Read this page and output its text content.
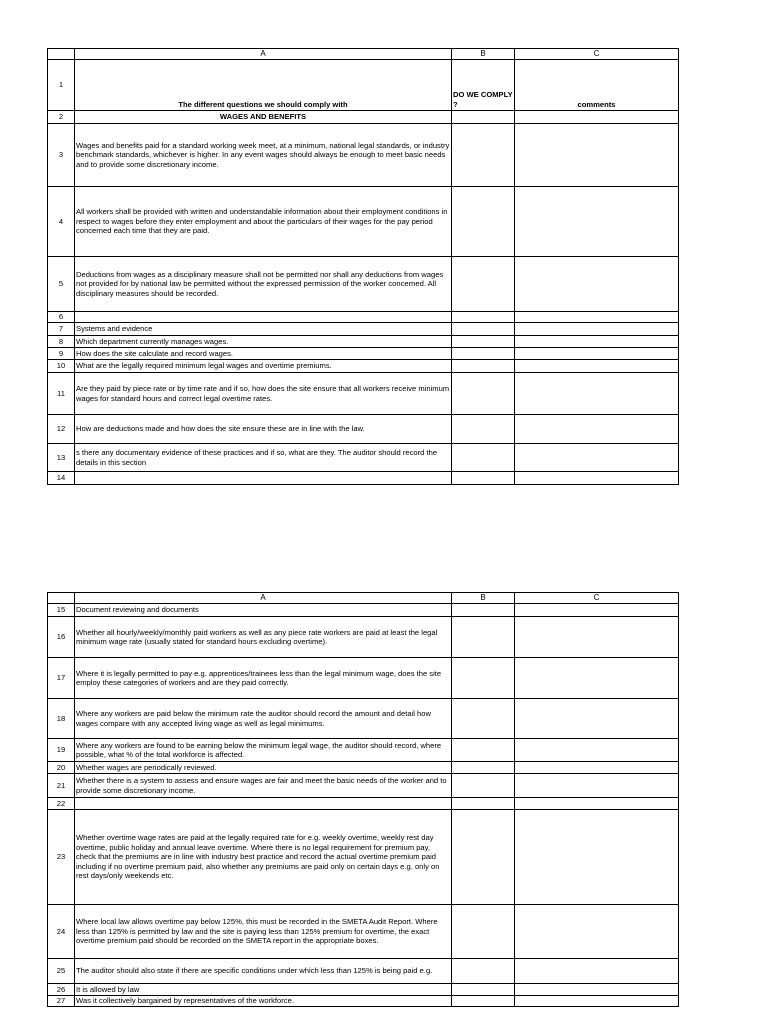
	A	B	C
1	The different questions we should comply with	DO WE COMPLY ?	comments
2	WAGES AND BENEFITS		
3	Wages and benefits paid for a standard working week meet, at a minimum, national legal standards, or industry benchmark standards, whichever is higher. In any event wages should always be enough to meet basic needs and to provide some discretionary income.		
4	All workers shall be provided with written and understandable information about their employment conditions in respect to wages before they enter employment and about the particulars of their wages for the pay period concerned each time that they are paid.		
5	Deductions from wages as a disciplinary measure shall not be permitted nor shall any deductions from wages not provided for by national law be permitted without the expressed permission of the worker concerned. All disciplinary measures should be recorded.		
6			
7	Systems and evidence		
8	Which department currently manages wages.		
9	How does the site calculate and record wages.		
10	What are the legally required minimum legal wages and overtime premiums.		
11	Are they paid by piece rate or by time rate and if so, how does the site ensure that all workers receive minimum wages for standard hours and correct legal overtime rates.		
12	How are deductions made and how does the site ensure these are in line with the law.		
13	s there any documentary evidence of these practices and if so, what are they. The auditor should record the details in this section		
14			
	A	B	C
15	Document reviewing and documents		
16	Whether all hourly/weekly/monthly paid workers as well as any piece rate workers are paid at least the legal minimum wage rate (usually stated for standard hours excluding overtime).		
17	Where it is legally permitted to pay e.g. apprentices/trainees less than the legal minimum wage, does the site employ these categories of workers and are they paid correctly.		
18	Where any workers are paid below the minimum rate the auditor should record the amount and detail how wages compare with any accepted living wage as well as legal minimums.		
19	Where any workers are found to be earning below the minimum legal wage, the auditor should record, where possible, what % of the total workforce is affected.		
20	Whether wages are periodically reviewed.		
21	Whether there is a system to assess and ensure wages are fair and meet the basic needs of the worker and to provide some discretionary income.		
22			
23	Whether overtime wage rates are paid at the legally required rate for e.g. weekly overtime, weekly rest day overtime, public holiday and annual leave overtime. Where there is no legal requirement for premium pay, check that the premiums are in line with industry best practice and record the actual overtime premium paid including if no overtime premium paid, also whether any premiums are paid only on certain days e.g. only on rest days/only weekends etc.		
24	Where local law allows overtime pay below 125%, this must be recorded in the SMETA Audit Report. Where less than 125% is permitted by law and the site is paying less than 125% premium for overtime, the exact overtime premium paid should be recorded on the SMETA report in the appropriate boxes.		
25	The auditor should also state if there are specific conditions under which less than 125% is being paid e.g.		
26	It is allowed by law		
27	Was it collectively bargained by representatives of the workforce.		
